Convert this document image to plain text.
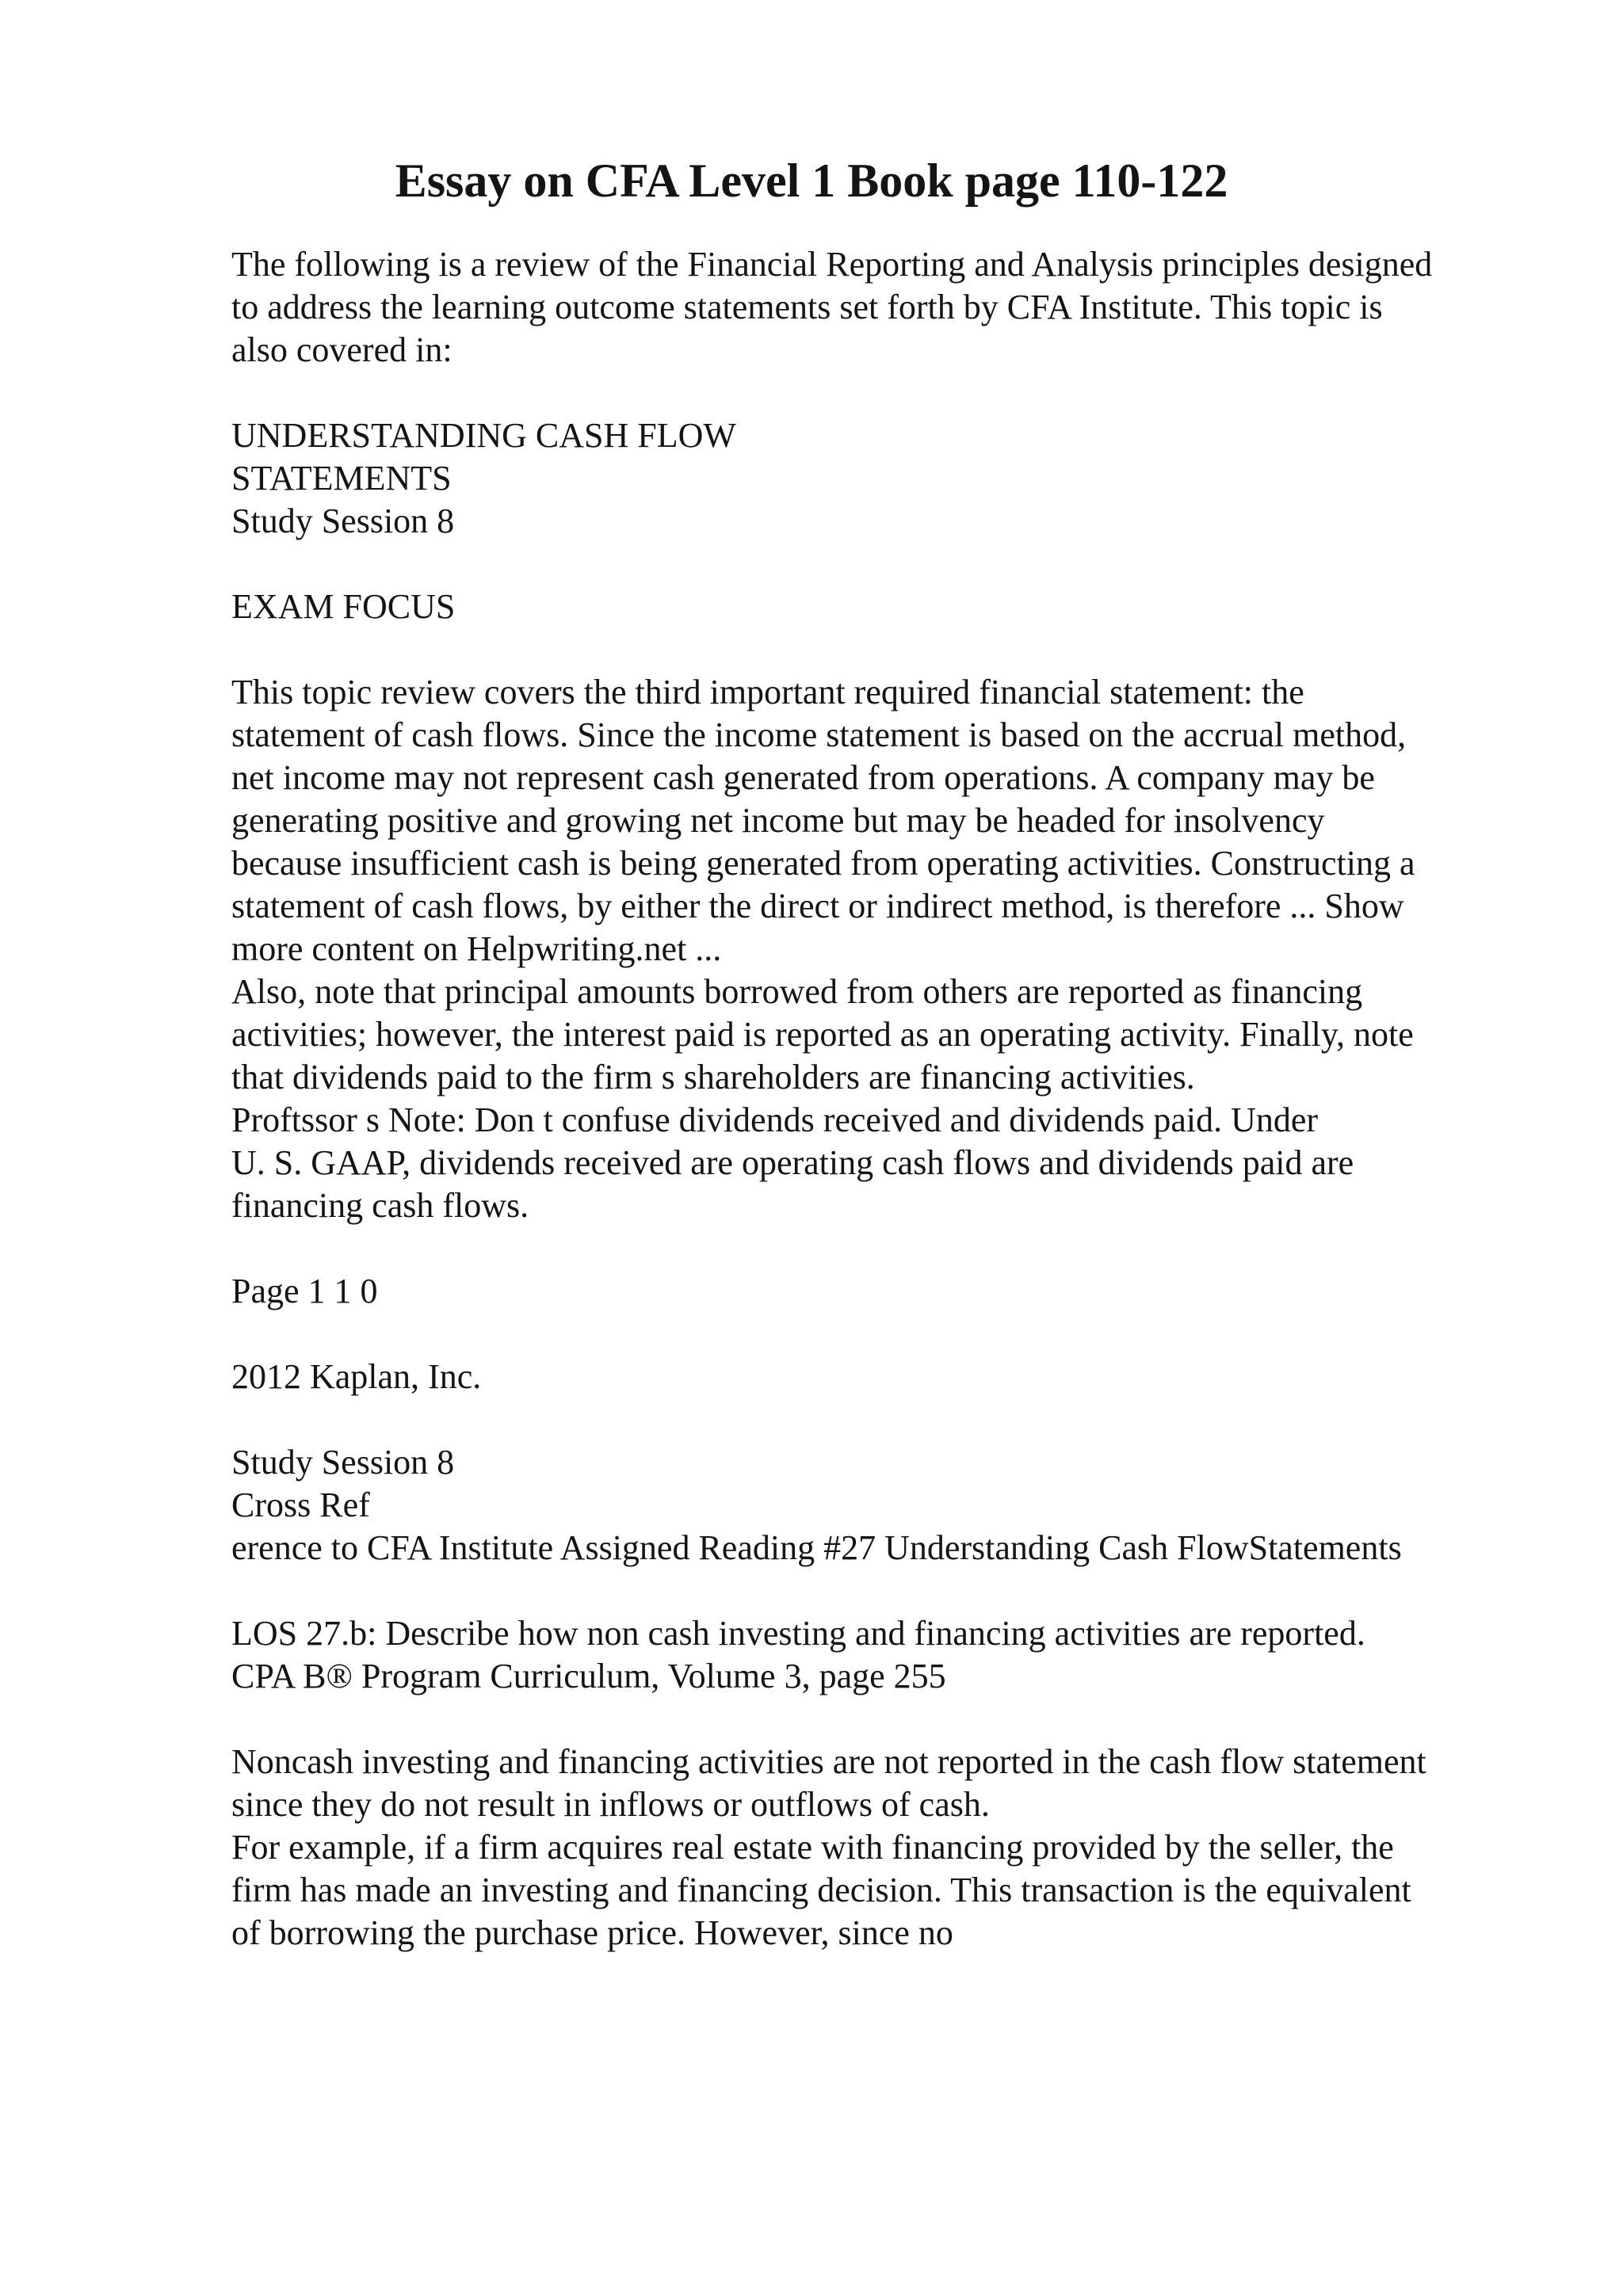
Essay on CFA Level 1 Book page 110-122
The following is a review of the Financial Reporting and Analysis principles designed
to address the learning outcome statements set forth by CFA Institute. This topic is
also covered in:
UNDERSTANDING CASH FLOW
STATEMENTS
Study Session 8
EXAM FOCUS
This topic review covers the third important required financial statement: the
statement of cash flows. Since the income statement is based on the accrual method,
net income may not represent cash generated from operations. A company may be
generating positive and growing net income but may be headed for insolvency
because insufficient cash is being generated from operating activities. Constructing a
statement of cash flows, by either the direct or indirect method, is therefore ... Show
more content on Helpwriting.net ...
Also, note that principal amounts borrowed from others are reported as financing
activities; however, the interest paid is reported as an operating activity. Finally, note
that dividends paid to the firm s shareholders are financing activities.
Proftssor s Note: Don t confuse dividends received and dividends paid. Under
U. S. GAAP, dividends received are operating cash flows and dividends paid are
financing cash flows.
Page 1 1 0
2012 Kaplan, Inc.
Study Session 8
Cross Ref
erence to CFA Institute Assigned Reading #27 Understanding Cash FlowStatements
LOS 27.b: Describe how non cash investing and financing activities are reported.
CPA B® Program Curriculum, Volume 3, page 255
Noncash investing and financing activities are not reported in the cash flow statement
since they do not result in inflows or outflows of cash.
For example, if a firm acquires real estate with financing provided by the seller, the
firm has made an investing and financing decision. This transaction is the equivalent
of borrowing the purchase price. However, since no
